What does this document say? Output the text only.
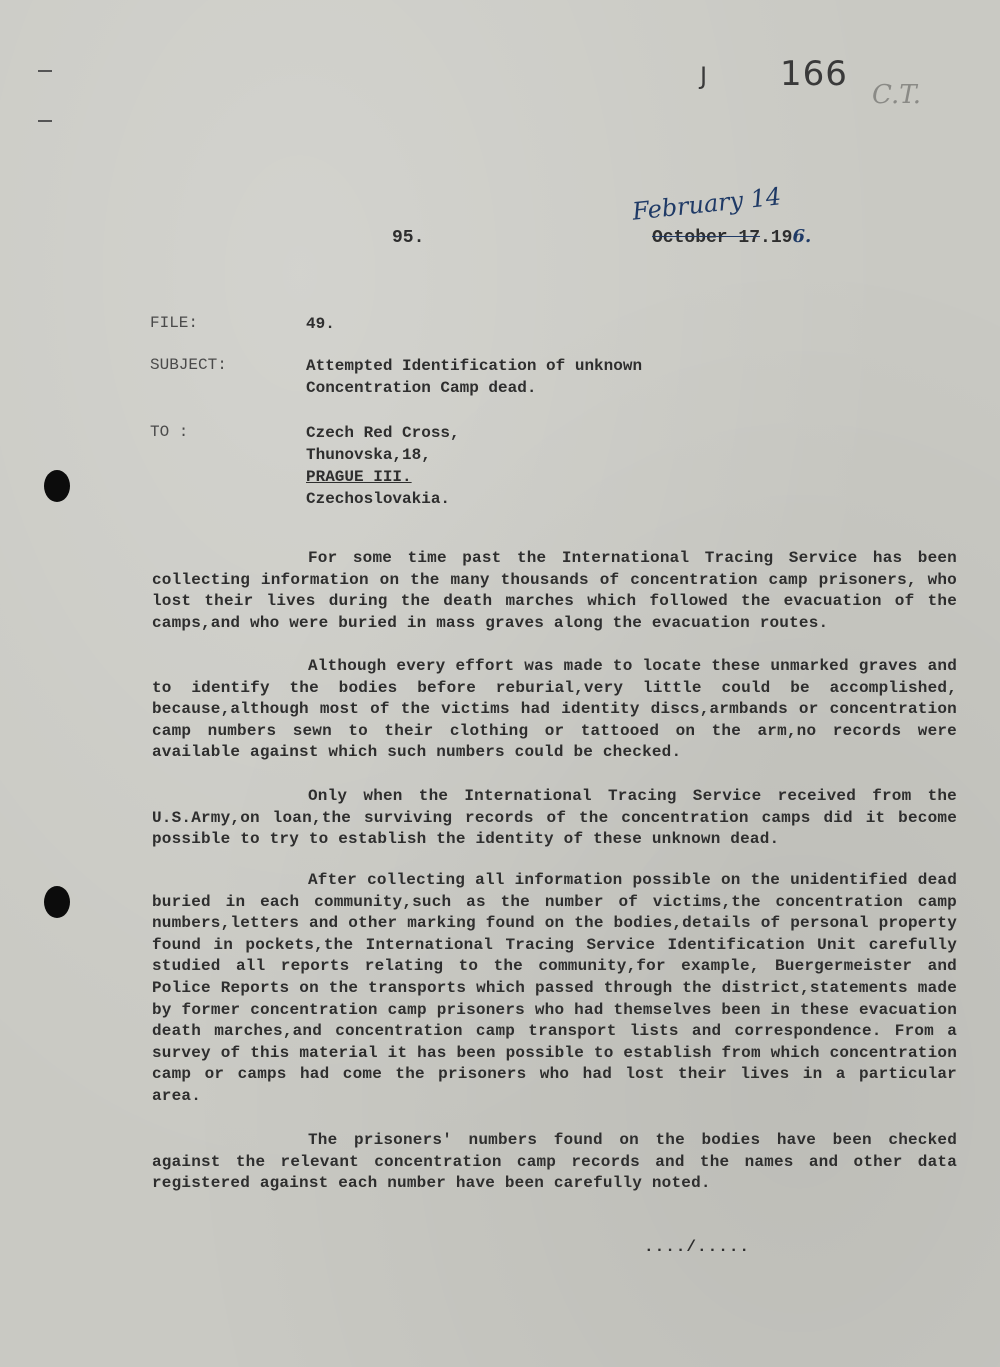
J 166
C.T.
95.
February 14
October 17.196.
FILE:	49.
SUBJECT:	Attempted Identification of unknown
Concentration Camp dead.
TO :	Czech Red Cross,
Thunovska,18,
PRAGUE III.
Czechoslovakia.

For some time past the International Tracing Service has been collecting information on the many thousands of concentration camp prisoners, who lost their lives during the death marches which followed the evacuation of the camps,and who were buried in mass graves along the evacuation routes.

Although every effort was made to locate these unmarked graves and to identify the bodies before reburial,very little could be accomplished, because,although most of the victims had identity discs,armbands or concentration camp numbers sewn to their clothing or tattooed on the arm,no records were available against which such numbers could be checked.

Only when the International Tracing Service received from the U.S.Army,on loan,the surviving records of the concentration camps did it become possible to try to establish the identity of these unknown dead.

After collecting all information possible on the unidentified dead buried in each community,such as the number of victims,the concentration camp numbers,letters and other marking found on the bodies,details of personal property found in pockets,the International Tracing Service Identification Unit carefully studied all reports relating to the community,for example, Buergermeister and Police Reports on the transports which passed through the district,statements made by former concentration camp prisoners who had themselves been in these evacuation death marches,and concentration camp transport lists and correspondence. From a survey of this material it has been possible to establish from which concentration camp or camps had come the prisoners who had lost their lives in a particular area.

The prisoners' numbers found on the bodies have been checked against the relevant concentration camp records and the names and other data registered against each number have been carefully noted.

..../.....
